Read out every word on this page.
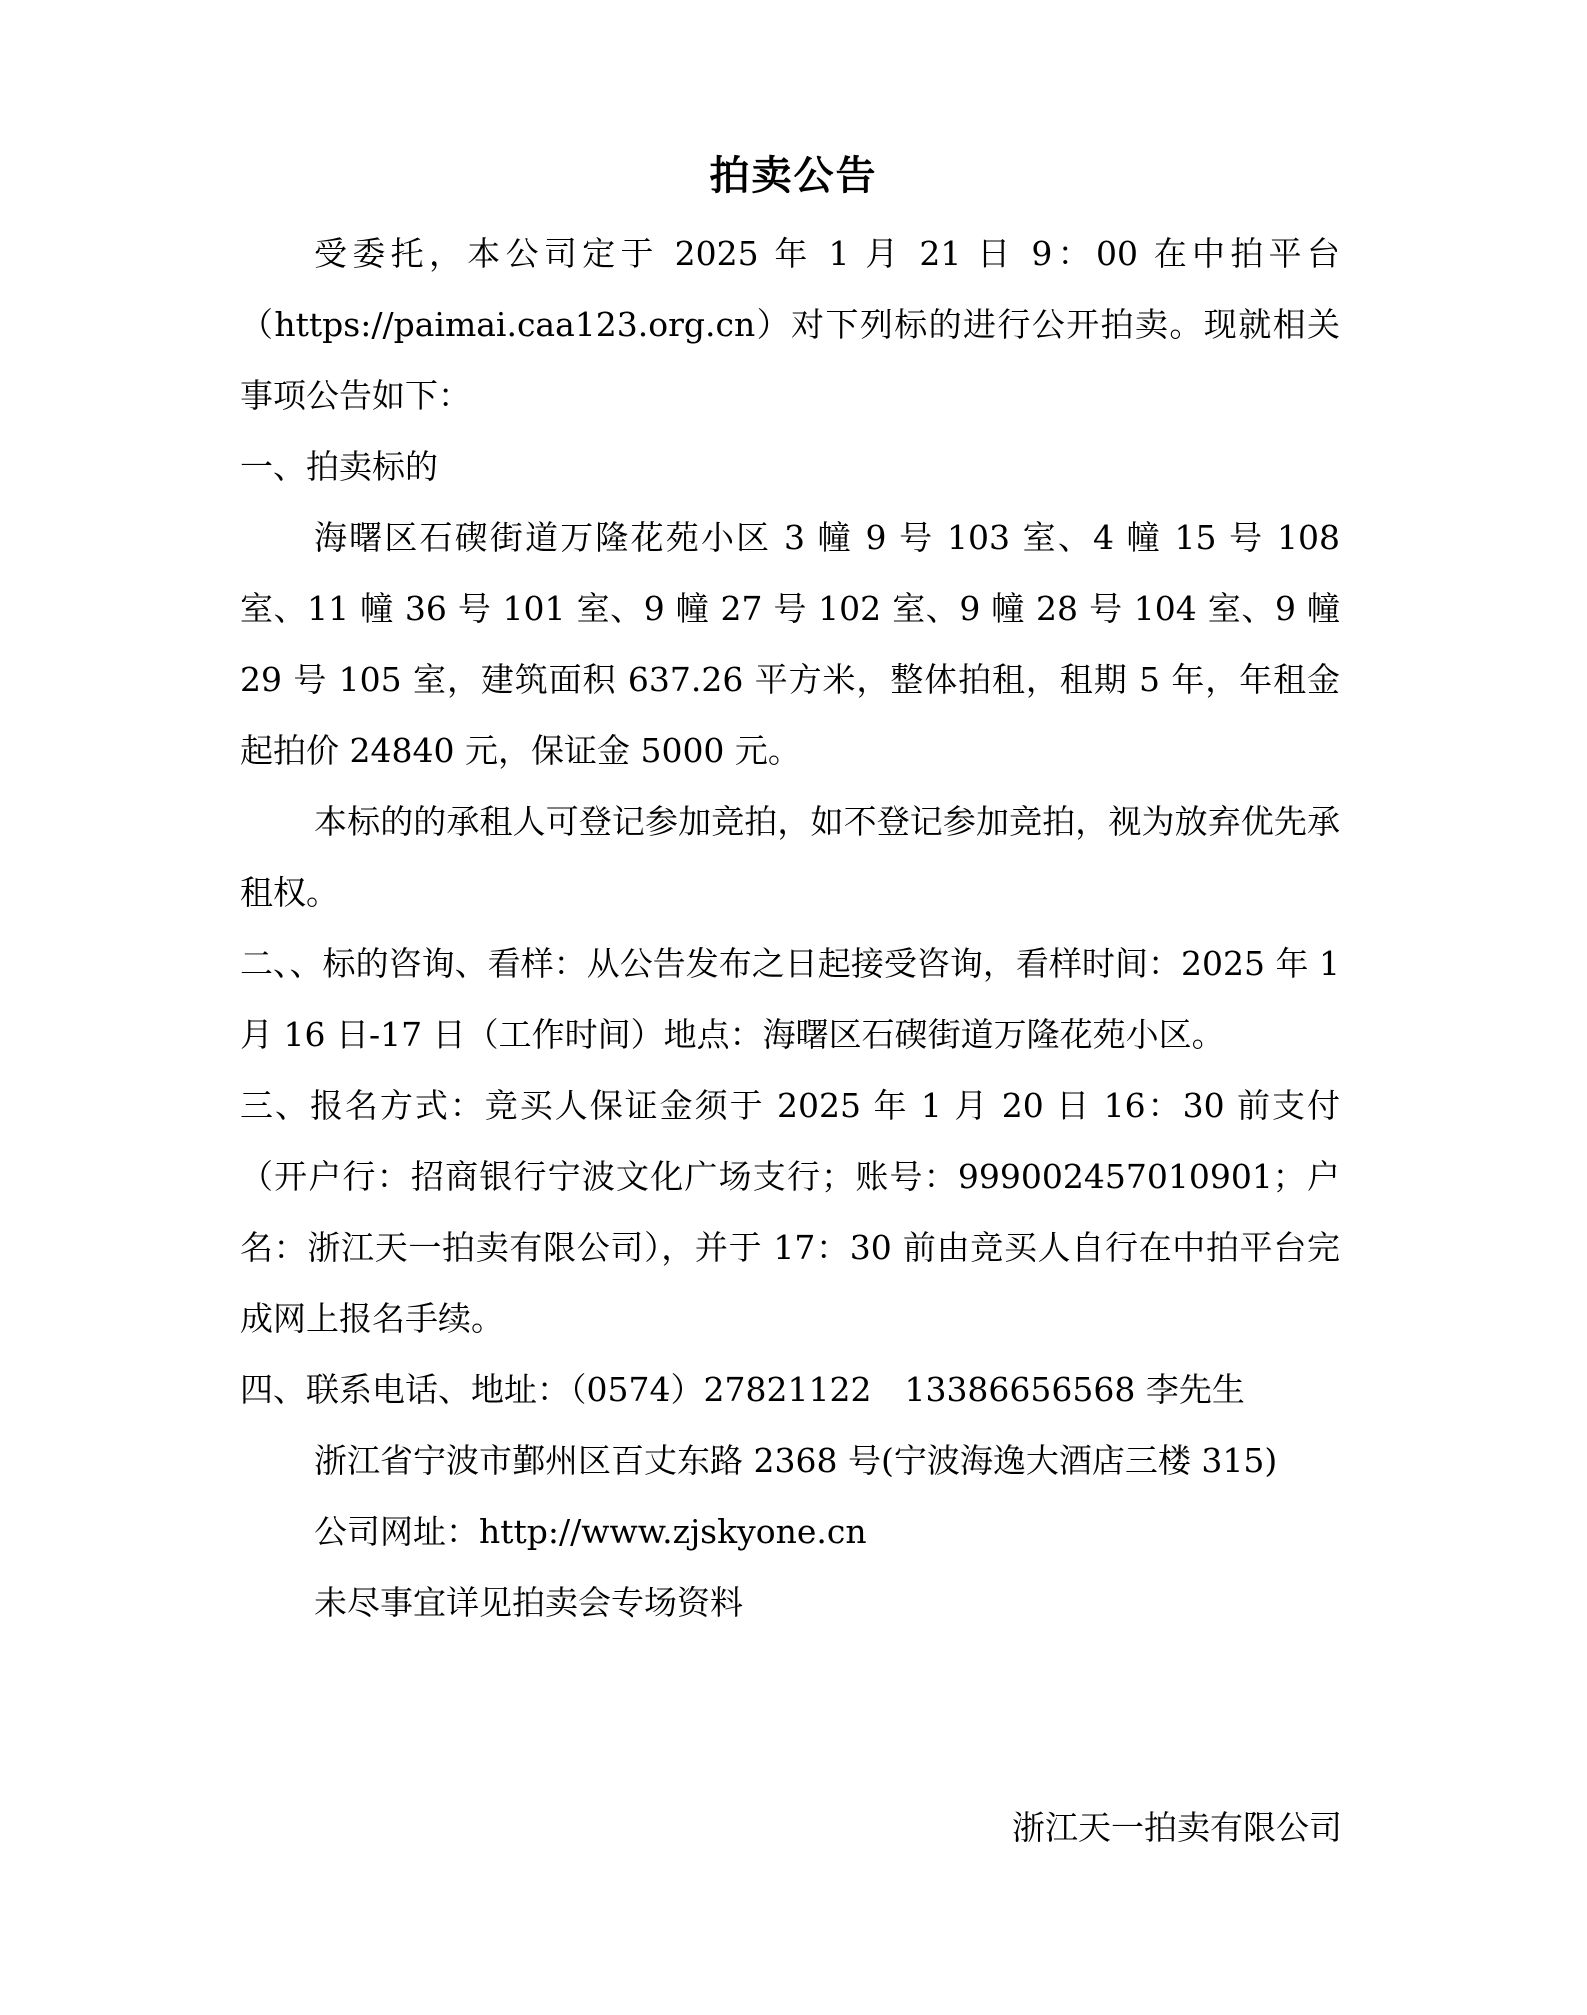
拍卖公告

受委托，本公司定于 2025 年 1 月 21 日 9：00 在中拍平台（https://paimai.caa123.org.cn）对下列标的进行公开拍卖。现就相关事项公告如下：

一、拍卖标的

海曙区石碶街道万隆花苑小区 3 幢 9 号 103 室、4 幢 15 号 108 室、11 幢 36 号 101 室、9 幢 27 号 102 室、9 幢 28 号 104 室、9 幢 29 号 105 室，建筑面积 637.26 平方米，整体拍租，租期 5 年，年租金起拍价 24840 元，保证金 5000 元。

本标的的承租人可登记参加竞拍，如不登记参加竞拍，视为放弃优先承租权。

二、、标的咨询、看样：从公告发布之日起接受咨询，看样时间：2025 年 1 月 16 日-17 日（工作时间）地点：海曙区石碶街道万隆花苑小区。

三、报名方式：竞买人保证金须于 2025 年 1 月 20 日 16：30 前支付（开户行：招商银行宁波文化广场支行；账号：999002457010901；户名：浙江天一拍卖有限公司），并于 17：30 前由竞买人自行在中拍平台完成网上报名手续。

四、联系电话、地址：（0574）27821122　13386656568 李先生

浙江省宁波市鄞州区百丈东路 2368 号(宁波海逸大酒店三楼 315)

公司网址：http://www.zjskyone.cn

未尽事宜详见拍卖会专场资料

浙江天一拍卖有限公司
